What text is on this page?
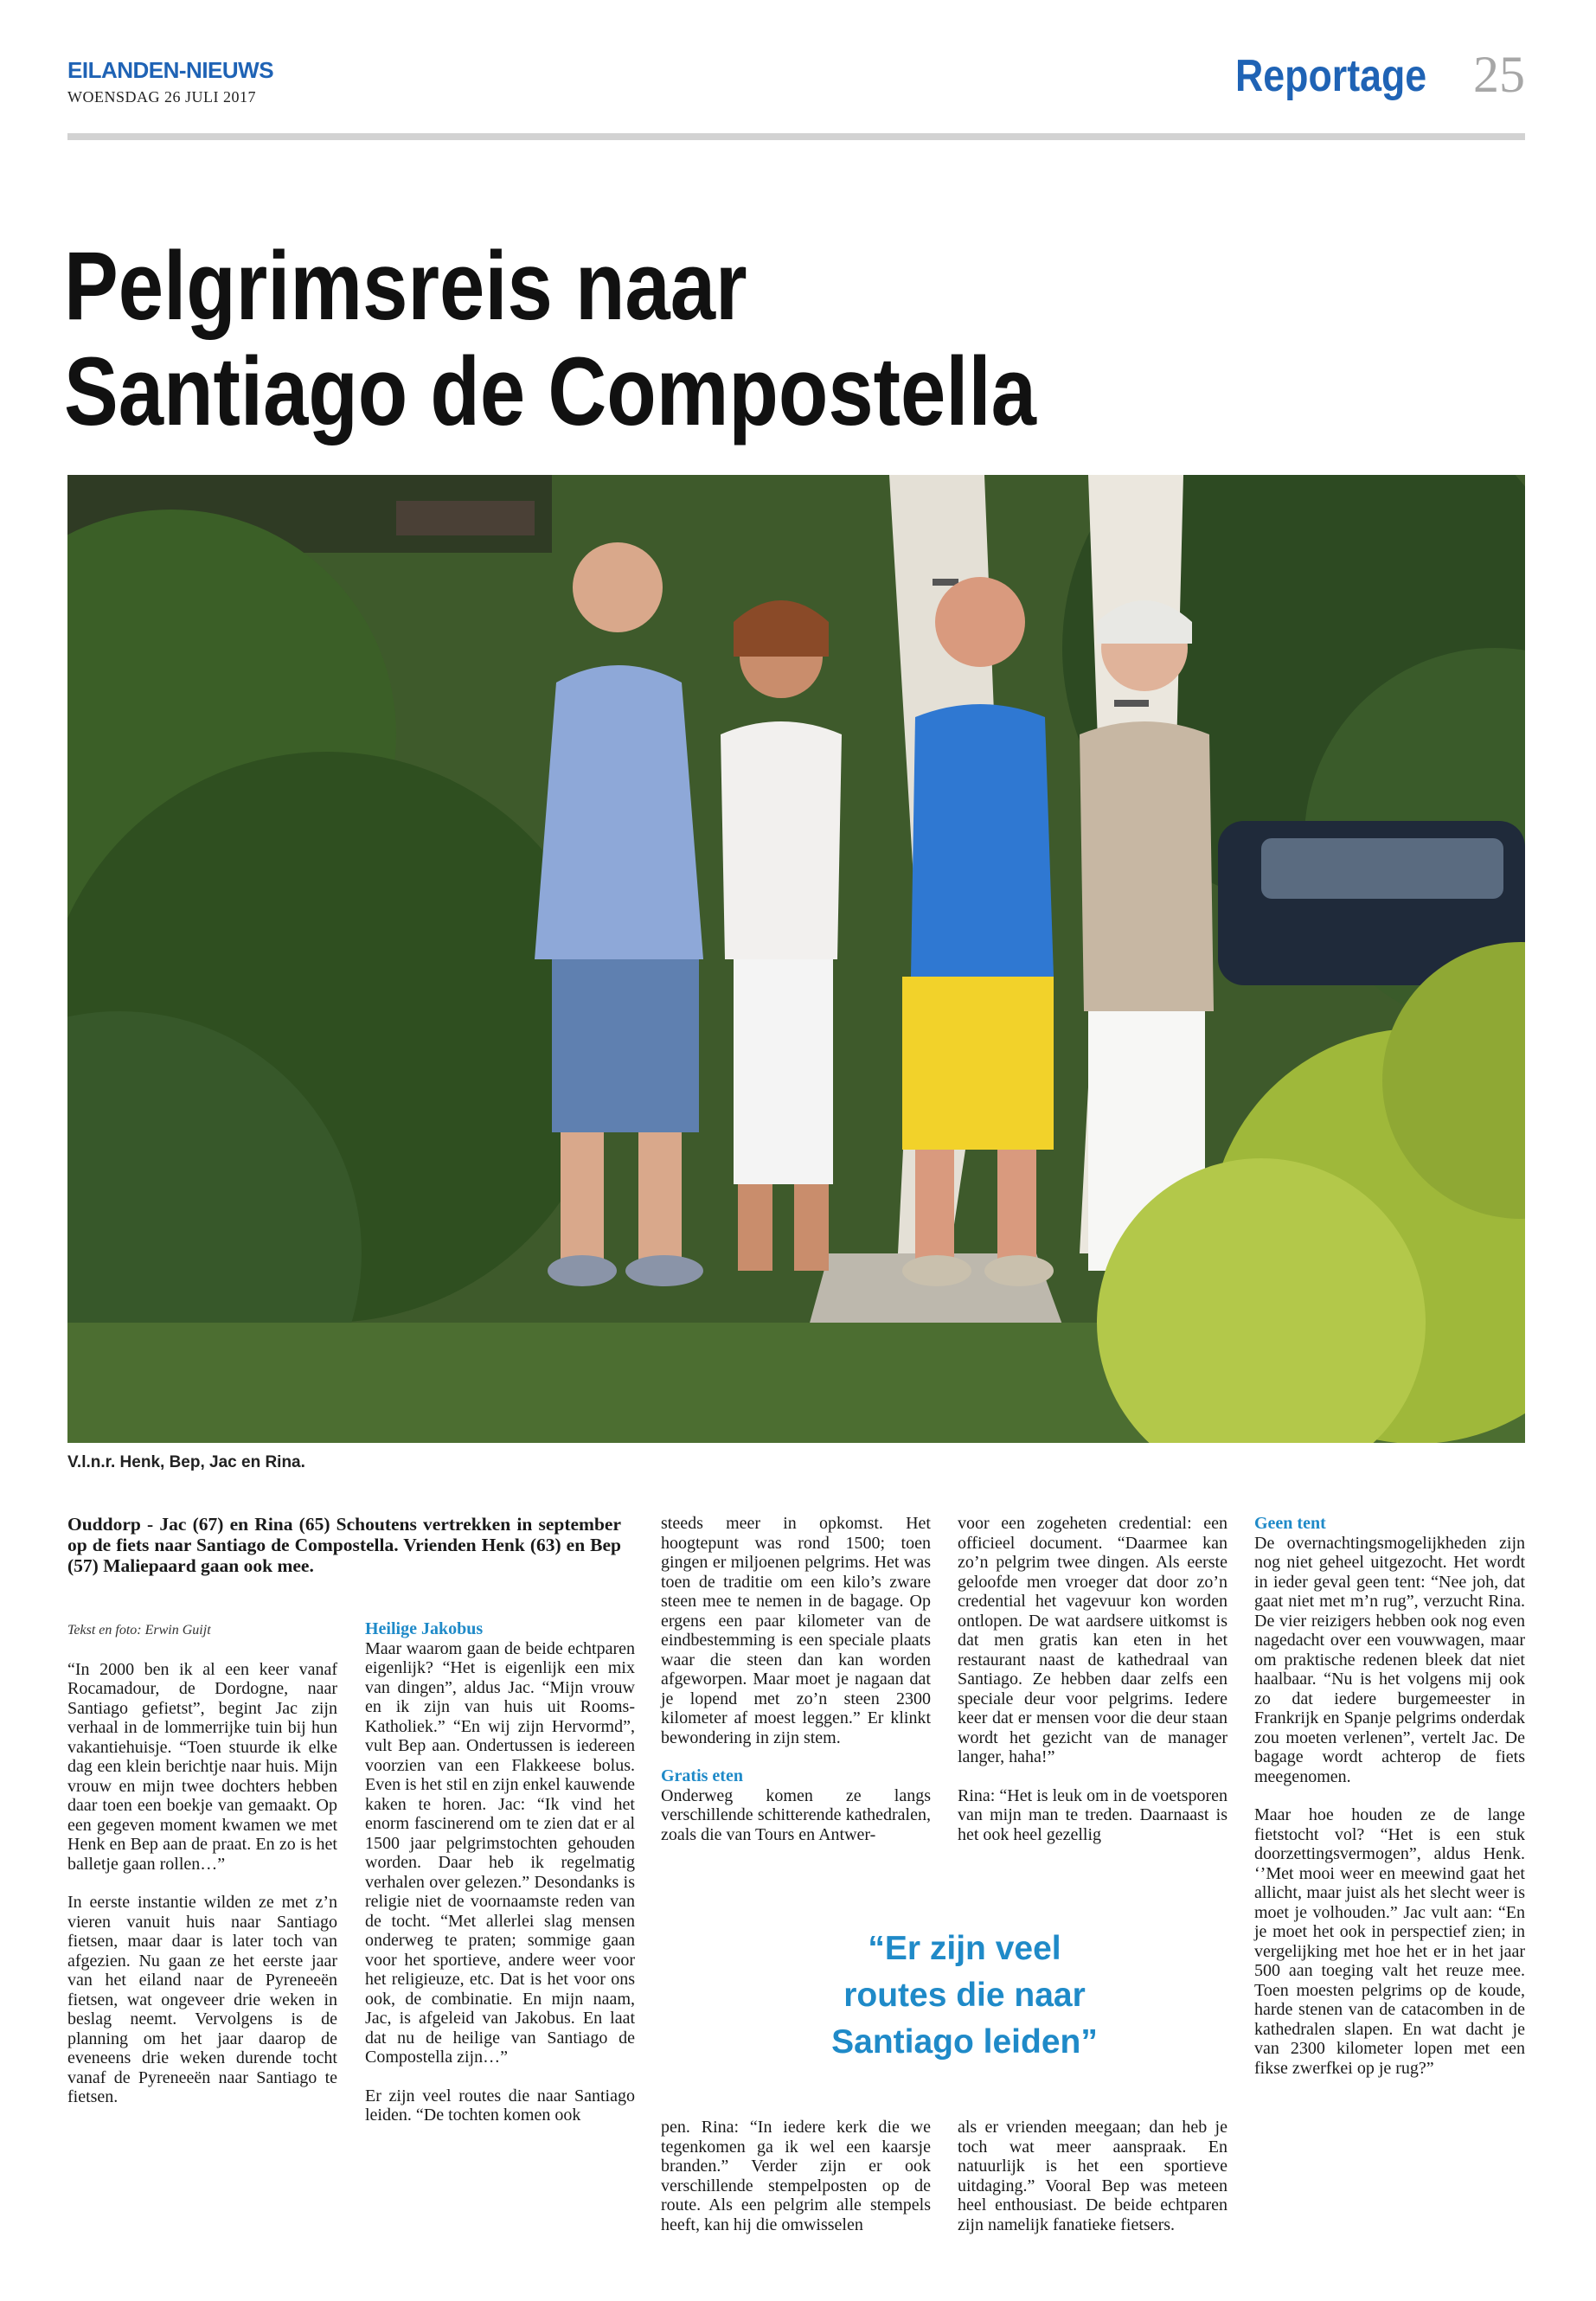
EILANDEN-NIEUWS
WOENSDAG 26 JULI 2017	Reportage 25
Pelgrimsreis naar
Santiago de Compostella
V.l.n.r. Henk, Bep, Jac en Rina.

Ouddorp - Jac (67) en Rina (65) Schoutens vertrekken in september op de fiets naar Santiago de Compostella. Vrienden Henk (63) en Bep (57) Maliepaard gaan ook mee.

Tekst en foto: Erwin Guijt

“In 2000 ben ik al een keer vanaf Rocamadour, de Dordogne, naar Santiago gefietst”, begint Jac zijn verhaal in de lommerrijke tuin bij hun vakantiehuisje. “Toen stuurde ik elke dag een klein berichtje naar huis. Mijn vrouw en mijn twee dochters hebben daar toen een boekje van gemaakt. Op een gegeven moment kwamen we met Henk en Bep aan de praat. En zo is het balletje gaan rollen…”

In eerste instantie wilden ze met z’n vieren vanuit huis naar Santiago fietsen, maar daar is later toch van afgezien. Nu gaan ze het eerste jaar van het eiland naar de Pyreneeën fietsen, wat ongeveer drie weken in beslag neemt. Vervolgens is de planning om het jaar daarop de eveneens drie weken durende tocht vanaf de Pyreneeën naar Santiago te fietsen.

Heilige Jakobus

Maar waarom gaan de beide echtparen eigenlijk? “Het is eigenlijk een mix van dingen”, aldus Jac. “Mijn vrouw en ik zijn van huis uit Rooms-Katholiek.” “En wij zijn Hervormd”, vult Bep aan. Ondertussen is iedereen voorzien van een Flakkeese bolus. Even is het stil en zijn enkel kauwende kaken te horen. Jac: “Ik vind het enorm fascinerend om te zien dat er al 1500 jaar pelgrimstochten gehouden worden. Daar heb ik regelmatig verhalen over gelezen.” Desondanks is religie niet de voornaamste reden van de tocht. “Met allerlei slag mensen onderweg te praten; sommige gaan voor het sportieve, andere weer voor het religieuze, etc. Dat is het voor ons ook, de combinatie. En mijn naam, Jac, is afgeleid van Jakobus. En laat dat nu de heilige van Santiago de Compostella zijn…”

Er zijn veel routes die naar Santiago leiden. “De tochten komen ook

steeds meer in opkomst. Het hoogtepunt was rond 1500; toen gingen er miljoenen pelgrims. Het was toen de traditie om een kilo’s zware steen mee te nemen in de bagage. Op ergens een paar kilometer van de eindbestemming is een speciale plaats waar die steen dan kan worden afgeworpen. Maar moet je nagaan dat je lopend met zo’n steen 2300 kilometer af moest leggen.” Er klinkt bewondering in zijn stem.

Gratis eten

Onderweg komen ze langs verschillende schitterende kathedralen, zoals die van Tours en Antwer-

voor een zogeheten credential: een officieel document. “Daarmee kan zo’n pelgrim twee dingen. Als eerste geloofde men vroeger dat door zo’n credential het vagevuur kon worden ontlopen. De wat aardsere uitkomst is dat men gratis kan eten in het restaurant naast de kathedraal van Santiago. Ze hebben daar zelfs een speciale deur voor pelgrims. Iedere keer dat er mensen voor die deur staan wordt het gezicht van de manager langer, haha!”

Rina: “Het is leuk om in de voetsporen van mijn man te treden. Daarnaast is het ook heel gezellig

“Er zijn veel
routes die naar
Santiago leiden”

pen. Rina: “In iedere kerk die we tegenkomen ga ik wel een kaarsje branden.” Verder zijn er ook verschillende stempelposten op de route. Als een pelgrim alle stempels heeft, kan hij die omwisselen

als er vrienden meegaan; dan heb je toch wat meer aanspraak. En natuurlijk is het een sportieve uitdaging.” Vooral Bep was meteen heel enthousiast. De beide echtparen zijn namelijk fanatieke fietsers.

Geen tent

De overnachtingsmogelijkheden zijn nog niet geheel uitgezocht. Het wordt in ieder geval geen tent: “Nee joh, dat gaat niet met m’n rug”, verzucht Rina. De vier reizigers hebben ook nog even nagedacht over een vouwwagen, maar om praktische redenen bleek dat niet haalbaar. “Nu is het volgens mij ook zo dat iedere burgemeester in Frankrijk en Spanje pelgrims onderdak zou moeten verlenen”, vertelt Jac. De bagage wordt achterop de fiets meegenomen.

Maar hoe houden ze de lange fietstocht vol? “Het is een stuk doorzettingsvermogen”, aldus Henk. ‘’Met mooi weer en meewind gaat het allicht, maar juist als het slecht weer is moet je volhouden.” Jac vult aan: “En je moet het ook in perspectief zien; in vergelijking met hoe het er in het jaar 500 aan toeging valt het reuze mee. Toen moesten pelgrims op de koude, harde stenen van de catacomben in de kathedralen slapen. En wat dacht je van 2300 kilometer lopen met een fikse zwerfkei op je rug?”
